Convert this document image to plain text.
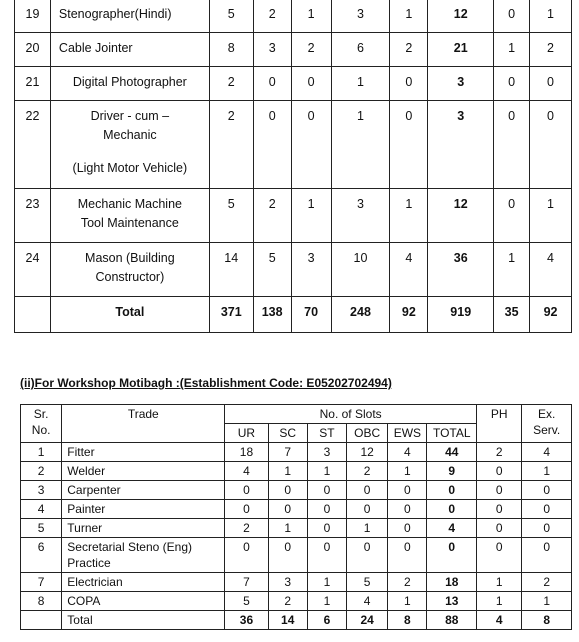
19	Stenographer(Hindi)	5	2	1	3	1	12	0	1
20	Cable Jointer	8	3	2	6	2	21	1	2
21	Digital Photographer	2	0	0	1	0	3	0	0
22	Driver - cum –
Mechanic
(Light Motor Vehicle)	2	0	0	1	0	3	0	0
23	Mechanic Machine
Tool Maintenance	5	2	1	3	1	12	0	1
24	Mason (Building
Constructor)	14	5	3	10	4	36	1	4
	Total	371	138	70	248	92	919	35	92
(ii)For Workshop Motibagh :(Establishment Code: E05202702494)
Sr. No.	Trade	No. of Slots						PH	Ex. Serv.
		UR	SC	ST	OBC	EWS	TOTAL		
1	Fitter	18	7	3	12	4	44	2	4
2	Welder	4	1	1	2	1	9	0	1
3	Carpenter	0	0	0	0	0	0	0	0
4	Painter	0	0	0	0	0	0	0	0
5	Turner	2	1	0	1	0	4	0	0
6	Secretarial Steno (Eng) Practice	0	0	0	0	0	0	0	0
7	Electrician	7	3	1	5	2	18	1	2
8	COPA	5	2	1	4	1	13	1	1
	Total	36	14	6	24	8	88	4	8
